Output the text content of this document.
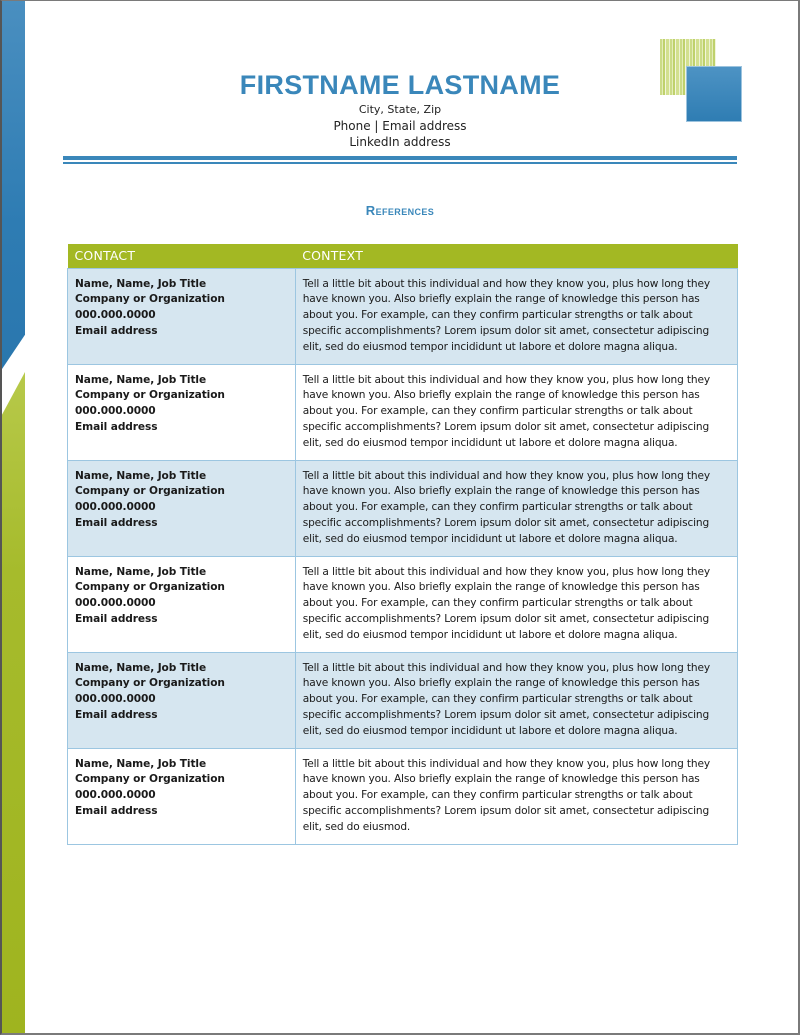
FIRSTNAME LASTNAME
City, State, Zip
Phone | Email address
LinkedIn address
References
CONTACT	CONTEXT

Name, Name, Job Title
Company or Organization
000.000.0000
Email address
	Tell a little bit about this individual and how they know you, plus how long they have known you. Also briefly explain the range of knowledge this person has about you. For example, can they confirm particular strengths or talk about specific accomplishments? Lorem ipsum dolor sit amet, consectetur adipiscing elit, sed do eiusmod tempor incididunt ut labore et dolore magna aliqua.

Name, Name, Job Title
Company or Organization
000.000.0000
Email address
	Tell a little bit about this individual and how they know you, plus how long they have known you. Also briefly explain the range of knowledge this person has about you. For example, can they confirm particular strengths or talk about specific accomplishments? Lorem ipsum dolor sit amet, consectetur adipiscing elit, sed do eiusmod tempor incididunt ut labore et dolore magna aliqua.

Name, Name, Job Title
Company or Organization
000.000.0000
Email address
	Tell a little bit about this individual and how they know you, plus how long they have known you. Also briefly explain the range of knowledge this person has about you. For example, can they confirm particular strengths or talk about specific accomplishments? Lorem ipsum dolor sit amet, consectetur adipiscing elit, sed do eiusmod tempor incididunt ut labore et dolore magna aliqua.

Name, Name, Job Title
Company or Organization
000.000.0000
Email address
	Tell a little bit about this individual and how they know you, plus how long they have known you. Also briefly explain the range of knowledge this person has about you. For example, can they confirm particular strengths or talk about specific accomplishments? Lorem ipsum dolor sit amet, consectetur adipiscing elit, sed do eiusmod tempor incididunt ut labore et dolore magna aliqua.

Name, Name, Job Title
Company or Organization
000.000.0000
Email address
	Tell a little bit about this individual and how they know you, plus how long they have known you. Also briefly explain the range of knowledge this person has about you. For example, can they confirm particular strengths or talk about specific accomplishments? Lorem ipsum dolor sit amet, consectetur adipiscing elit, sed do eiusmod tempor incididunt ut labore et dolore magna aliqua.

Name, Name, Job Title
Company or Organization
000.000.0000
Email address
	Tell a little bit about this individual and how they know you, plus how long they have known you. Also briefly explain the range of knowledge this person has about you. For example, can they confirm particular strengths or talk about specific accomplishments? Lorem ipsum dolor sit amet, consectetur adipiscing elit, sed do eiusmod.
